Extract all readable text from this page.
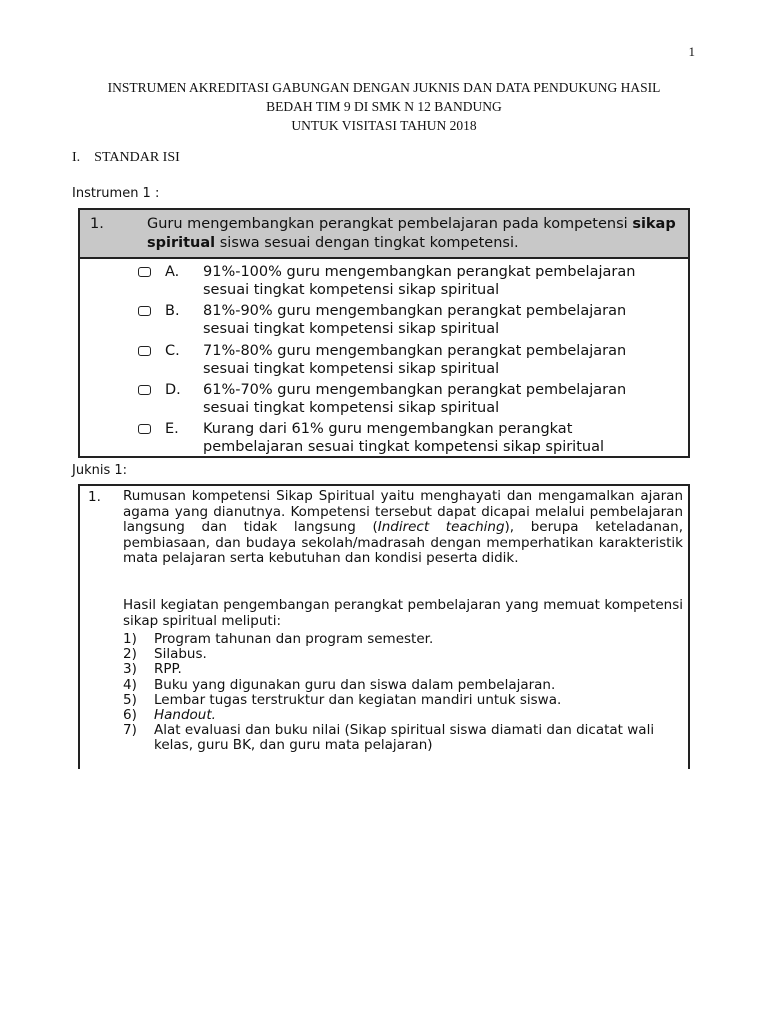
1
INSTRUMEN AKREDITASI GABUNGAN DENGAN JUKNIS DAN DATA PENDUKUNG HASIL
BEDAH TIM 9 DI SMK N 12 BANDUNG
UNTUK VISITASI TAHUN 2018
I. STANDAR ISI
Instrumen 1 :
1.	Guru mengembangkan perangkat pembelajaran pada kompetensi sikap spiritual siswa sesuai dengan tingkat kompetensi.
A. 91%-100% guru mengembangkan perangkat pembelajaran sesuai tingkat kompetensi sikap spiritual
B. 81%-90% guru mengembangkan perangkat pembelajaran sesuai tingkat kompetensi sikap spiritual
C. 71%-80% guru mengembangkan perangkat pembelajaran sesuai tingkat kompetensi sikap spiritual
D. 61%-70% guru mengembangkan perangkat pembelajaran sesuai tingkat kompetensi sikap spiritual
E. Kurang dari 61% guru mengembangkan perangkat pembelajaran sesuai tingkat kompetensi sikap spiritual
Juknis 1:
1. Rumusan kompetensi Sikap Spiritual yaitu menghayati dan mengamalkan ajaran agama yang dianutnya. Kompetensi tersebut dapat dicapai melalui pembelajaran langsung dan tidak langsung (Indirect teaching), berupa keteladanan, pembiasaan, dan budaya sekolah/madrasah dengan memperhatikan karakteristik mata pelajaran serta kebutuhan dan kondisi peserta didik.
Hasil kegiatan pengembangan perangkat pembelajaran yang memuat kompetensi sikap spiritual meliputi:
1) Program tahunan dan program semester.
2) Silabus.
3) RPP.
4) Buku yang digunakan guru dan siswa dalam pembelajaran.
5) Lembar tugas terstruktur dan kegiatan mandiri untuk siswa.
6) Handout.
7) Alat evaluasi dan buku nilai (Sikap spiritual siswa diamati dan dicatat wali kelas, guru BK, dan guru mata pelajaran)
